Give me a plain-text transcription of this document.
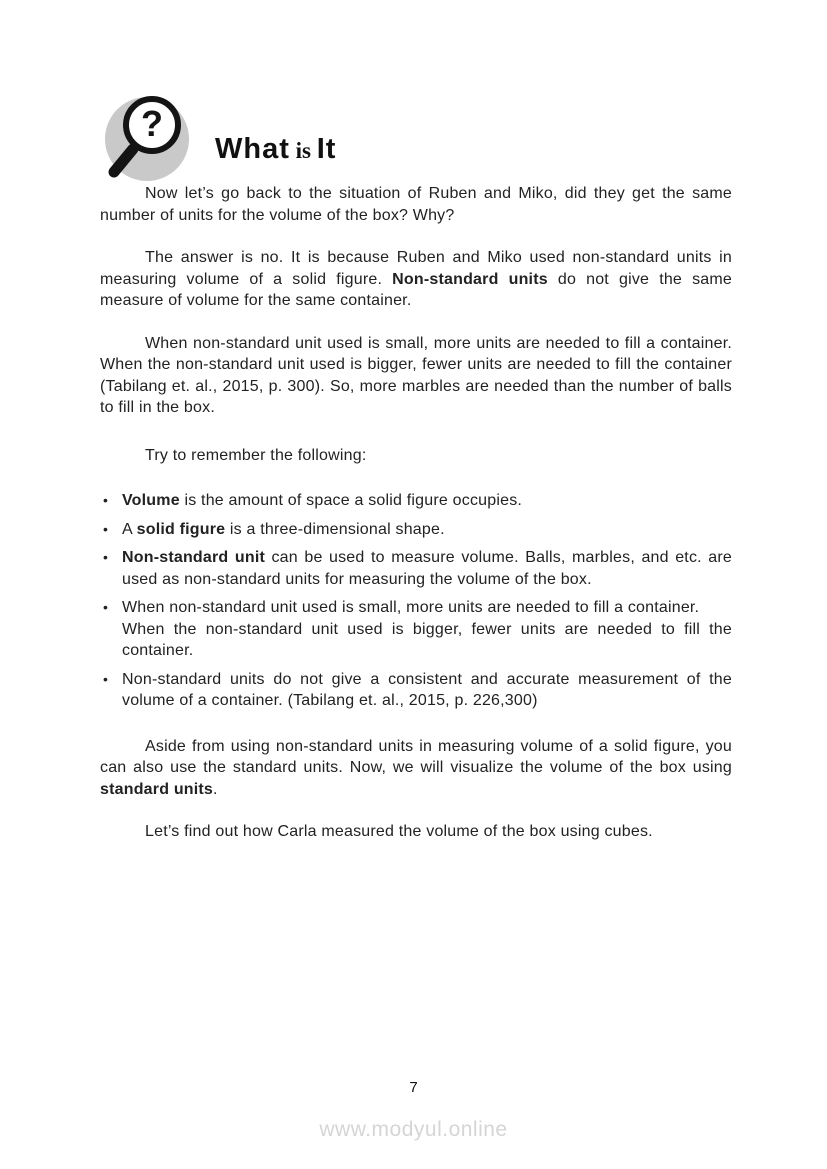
?
What is It

Now let’s go back to the situation of Ruben and Miko, did they get the same number of units for the volume of the box? Why?

The answer is no. It is because Ruben and Miko used non-standard units in measuring volume of a solid figure. Non-standard units do not give the same measure of volume for the same container.

When non-standard unit used is small, more units are needed to fill a container. When the non-standard unit used is bigger, fewer units are needed to fill the container (Tabilang et. al., 2015, p. 300). So, more marbles are needed than the number of balls to fill in the box.

Try to remember the following:

• Volume is the amount of space a solid figure occupies.
• A solid figure is a three-dimensional shape.
• Non-standard unit can be used to measure volume. Balls, marbles, and etc. are used as non-standard units for measuring the volume of the box.
• When non-standard unit used is small, more units are needed to fill a container.
When the non-standard unit used is bigger, fewer units are needed to fill the container.
• Non-standard units do not give a consistent and accurate measurement of the volume of a container. (Tabilang et. al., 2015, p. 226,300)

Aside from using non-standard units in measuring volume of a solid figure, you can also use the standard units. Now, we will visualize the volume of the box using standard units.

Let’s find out how Carla measured the volume of the box using cubes.

7
www.modyul.online
